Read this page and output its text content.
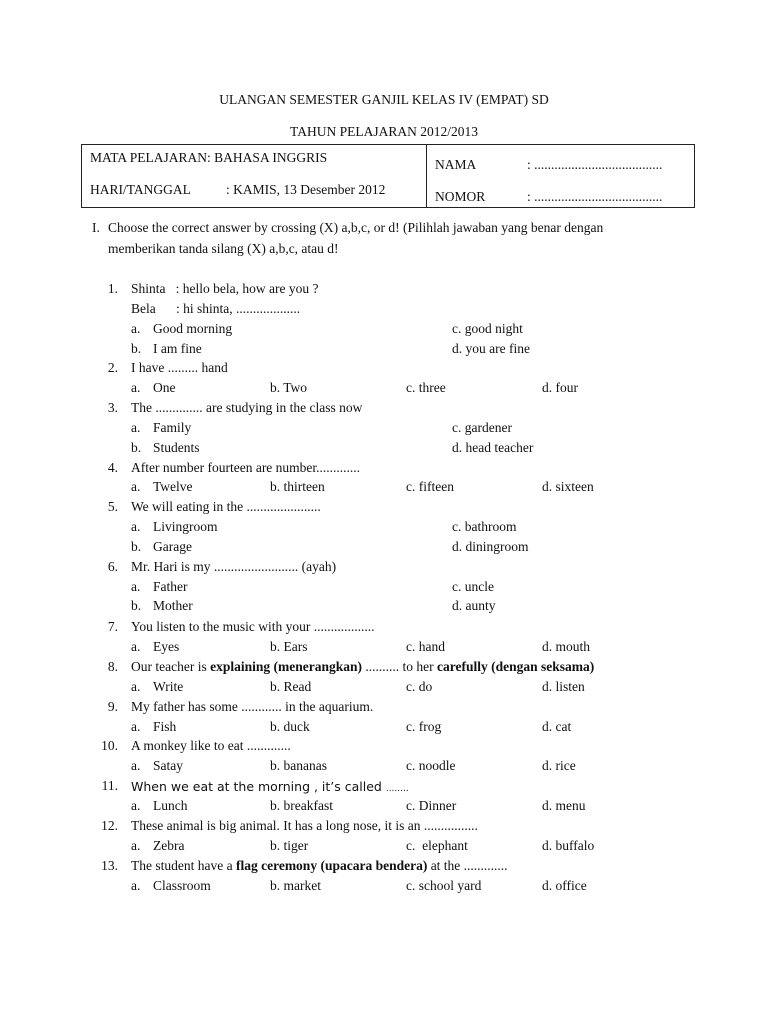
ULANGAN SEMESTER GANJIL KELAS IV (EMPAT) SD
TAHUN PELAJARAN 2012/2013
MATA PELAJARAN: BAHASA INGGRIS
HARI/TANGGAL	: KAMIS, 13 Desember 2012
NAMA	: ......................................
NOMOR	: ......................................
I. Choose the correct answer by crossing (X) a,b,c, or d! (Pilihlah jawaban yang benar dengan
memberikan tanda silang (X) a,b,c, atau d!
1. Shinta   : hello bela, how are you ?
Bela      : hi shinta, ...................
a. Good morning
b. I am fine
c. good night
d. you are fine
2. I have ......... hand
a. One	b. Two	c. three	d. four
3. The .............. are studying in the class now
a. Family
b. Students
c. gardener
d. head teacher
4. After number fourteen are number.............
a. Twelve	b. thirteen	c. fifteen	d. sixteen
5. We will eating in the ......................
a. Livingroom
b. Garage
c. bathroom
d. diningroom
6. Mr. Hari is my ......................... (ayah)
a. Father
b. Mother
c. uncle
d. aunty
7. You listen to the music with your ..................
a. Eyes	b. Ears	c. hand	d. mouth
8. Our teacher is explaining (menerangkan) .......... to her carefully (dengan seksama)
a. Write	b. Read	c. do	d. listen
9. My father has some ............ in the aquarium.
a. Fish	b. duck	c. frog	d. cat
10. A monkey like to eat .............
a. Satay	b. bananas	c. noodle	d. rice
11. When we eat at the morning , it’s called ........
a. Lunch	b. breakfast	c. Dinner	d. menu
12. These animal is big animal. It has a long nose, it is an ................
a. Zebra	b. tiger	c.  elephant	d. buffalo
13. The student have a flag ceremony (upacara bendera) at the .............
a. Classroom	b. market	c. school yard	d. office
